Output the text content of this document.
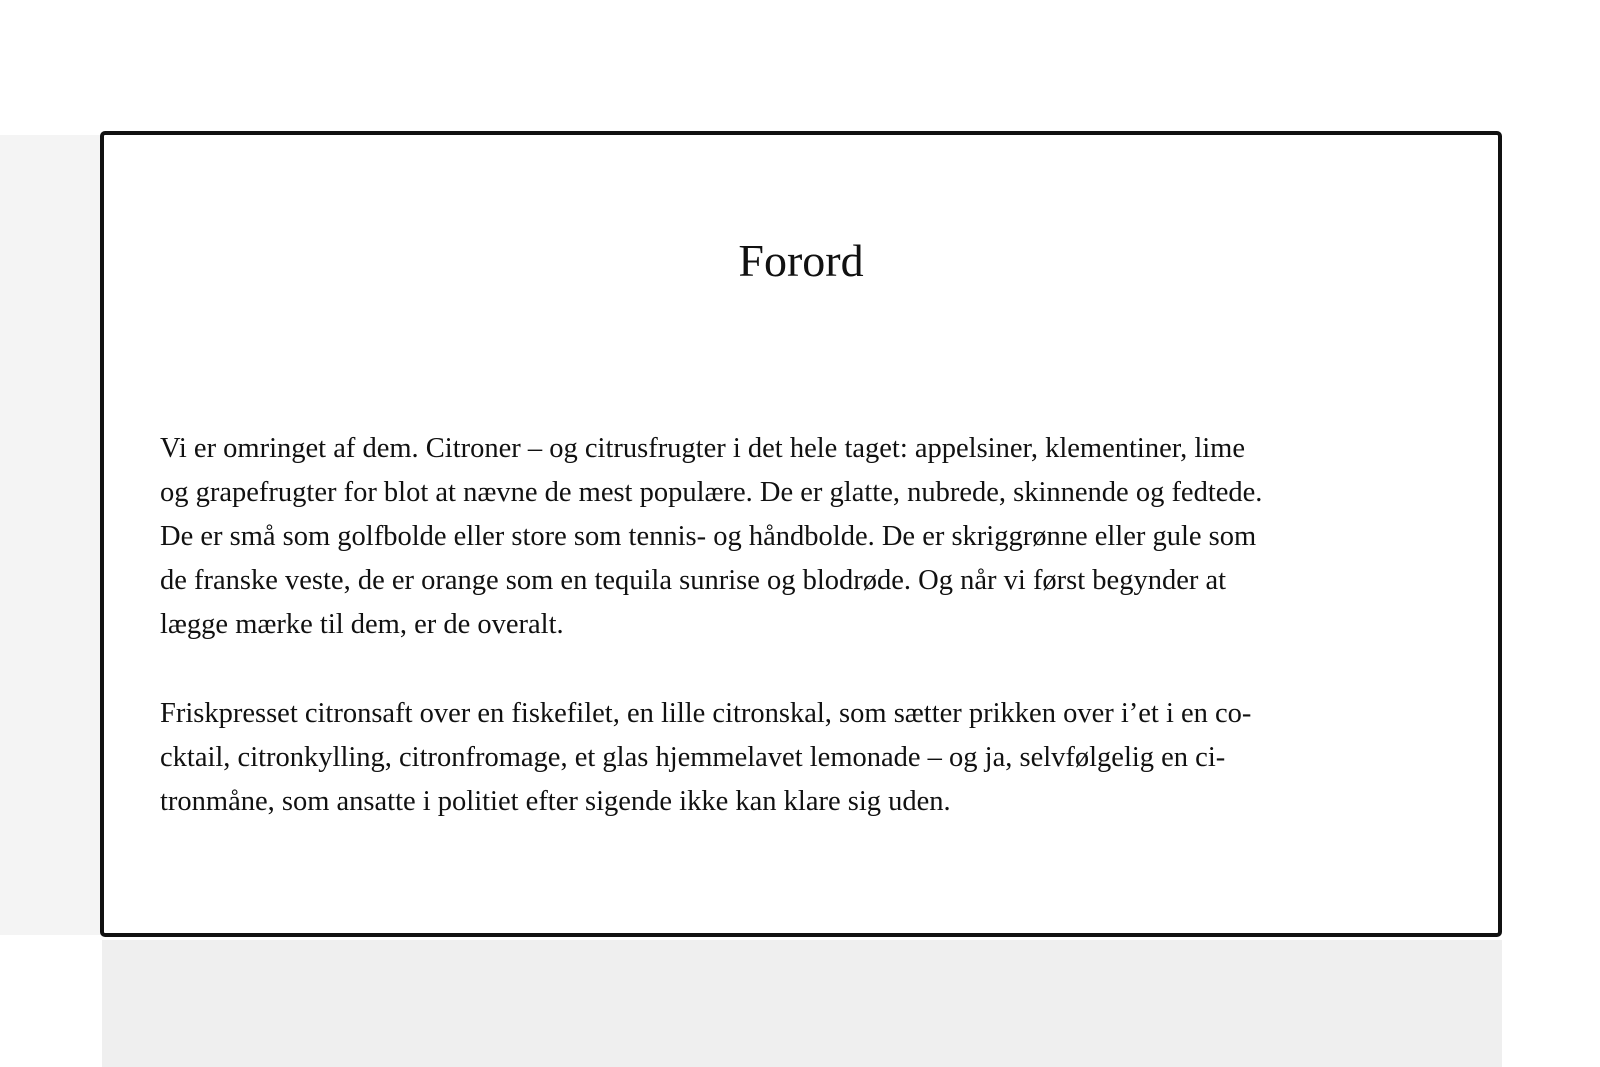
Forord

Vi er omringet af dem. Citroner – og citrusfrugter i det hele taget: appelsiner, klementiner, lime
og grapefrugter for blot at nævne de mest populære. De er glatte, nubrede, skinnende og fedtede.
De er små som golfbolde eller store som tennis- og håndbolde. De er skriggrønne eller gule som
de franske veste, de er orange som en tequila sunrise og blodrøde. Og når vi først begynder at
lægge mærke til dem, er de overalt.

Friskpresset citronsaft over en fiskefilet, en lille citronskal, som sætter prikken over i’et i en co-
cktail, citronkylling, citronfromage, et glas hjemmelavet lemonade – og ja, selvfølgelig en ci-
tronmåne, som ansatte i politiet efter sigende ikke kan klare sig uden.
